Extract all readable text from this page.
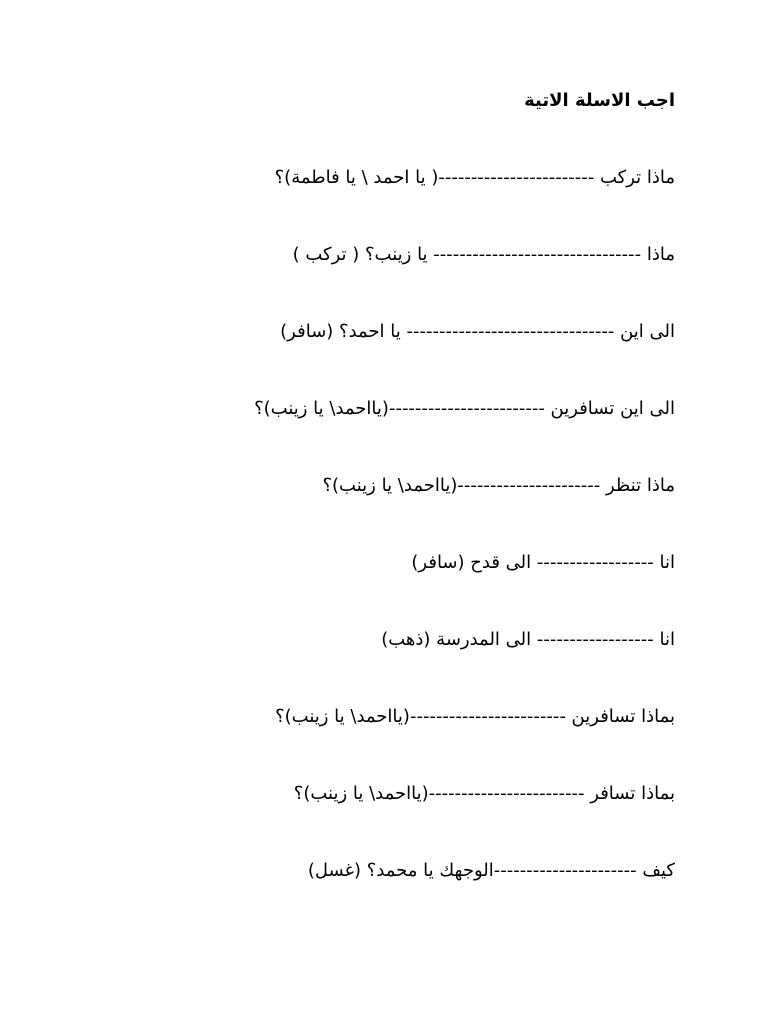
اجب الاسلة الاتية
ماذا تركب ------------------------( يا احمد \ يا فاطمة)؟
ماذا -------------------------------- يا زينب؟ ( تركب )
الى اين -------------------------------- يا احمد؟ (سافر)
الى اين تسافرين ------------------------(يااحمد\ يا زينب)؟
ماذا تنظر ----------------------(يااحمد\ يا زينب)؟
انا ------------------ الى قدح (سافر)
انا ------------------ الى المدرسة (ذهب)
بماذا تسافرين ------------------------(يااحمد\ يا زينب)؟
بماذا تسافر ------------------------(يااحمد\ يا زينب)؟
كيف ----------------------الوجهك يا محمد؟ (غسل)
